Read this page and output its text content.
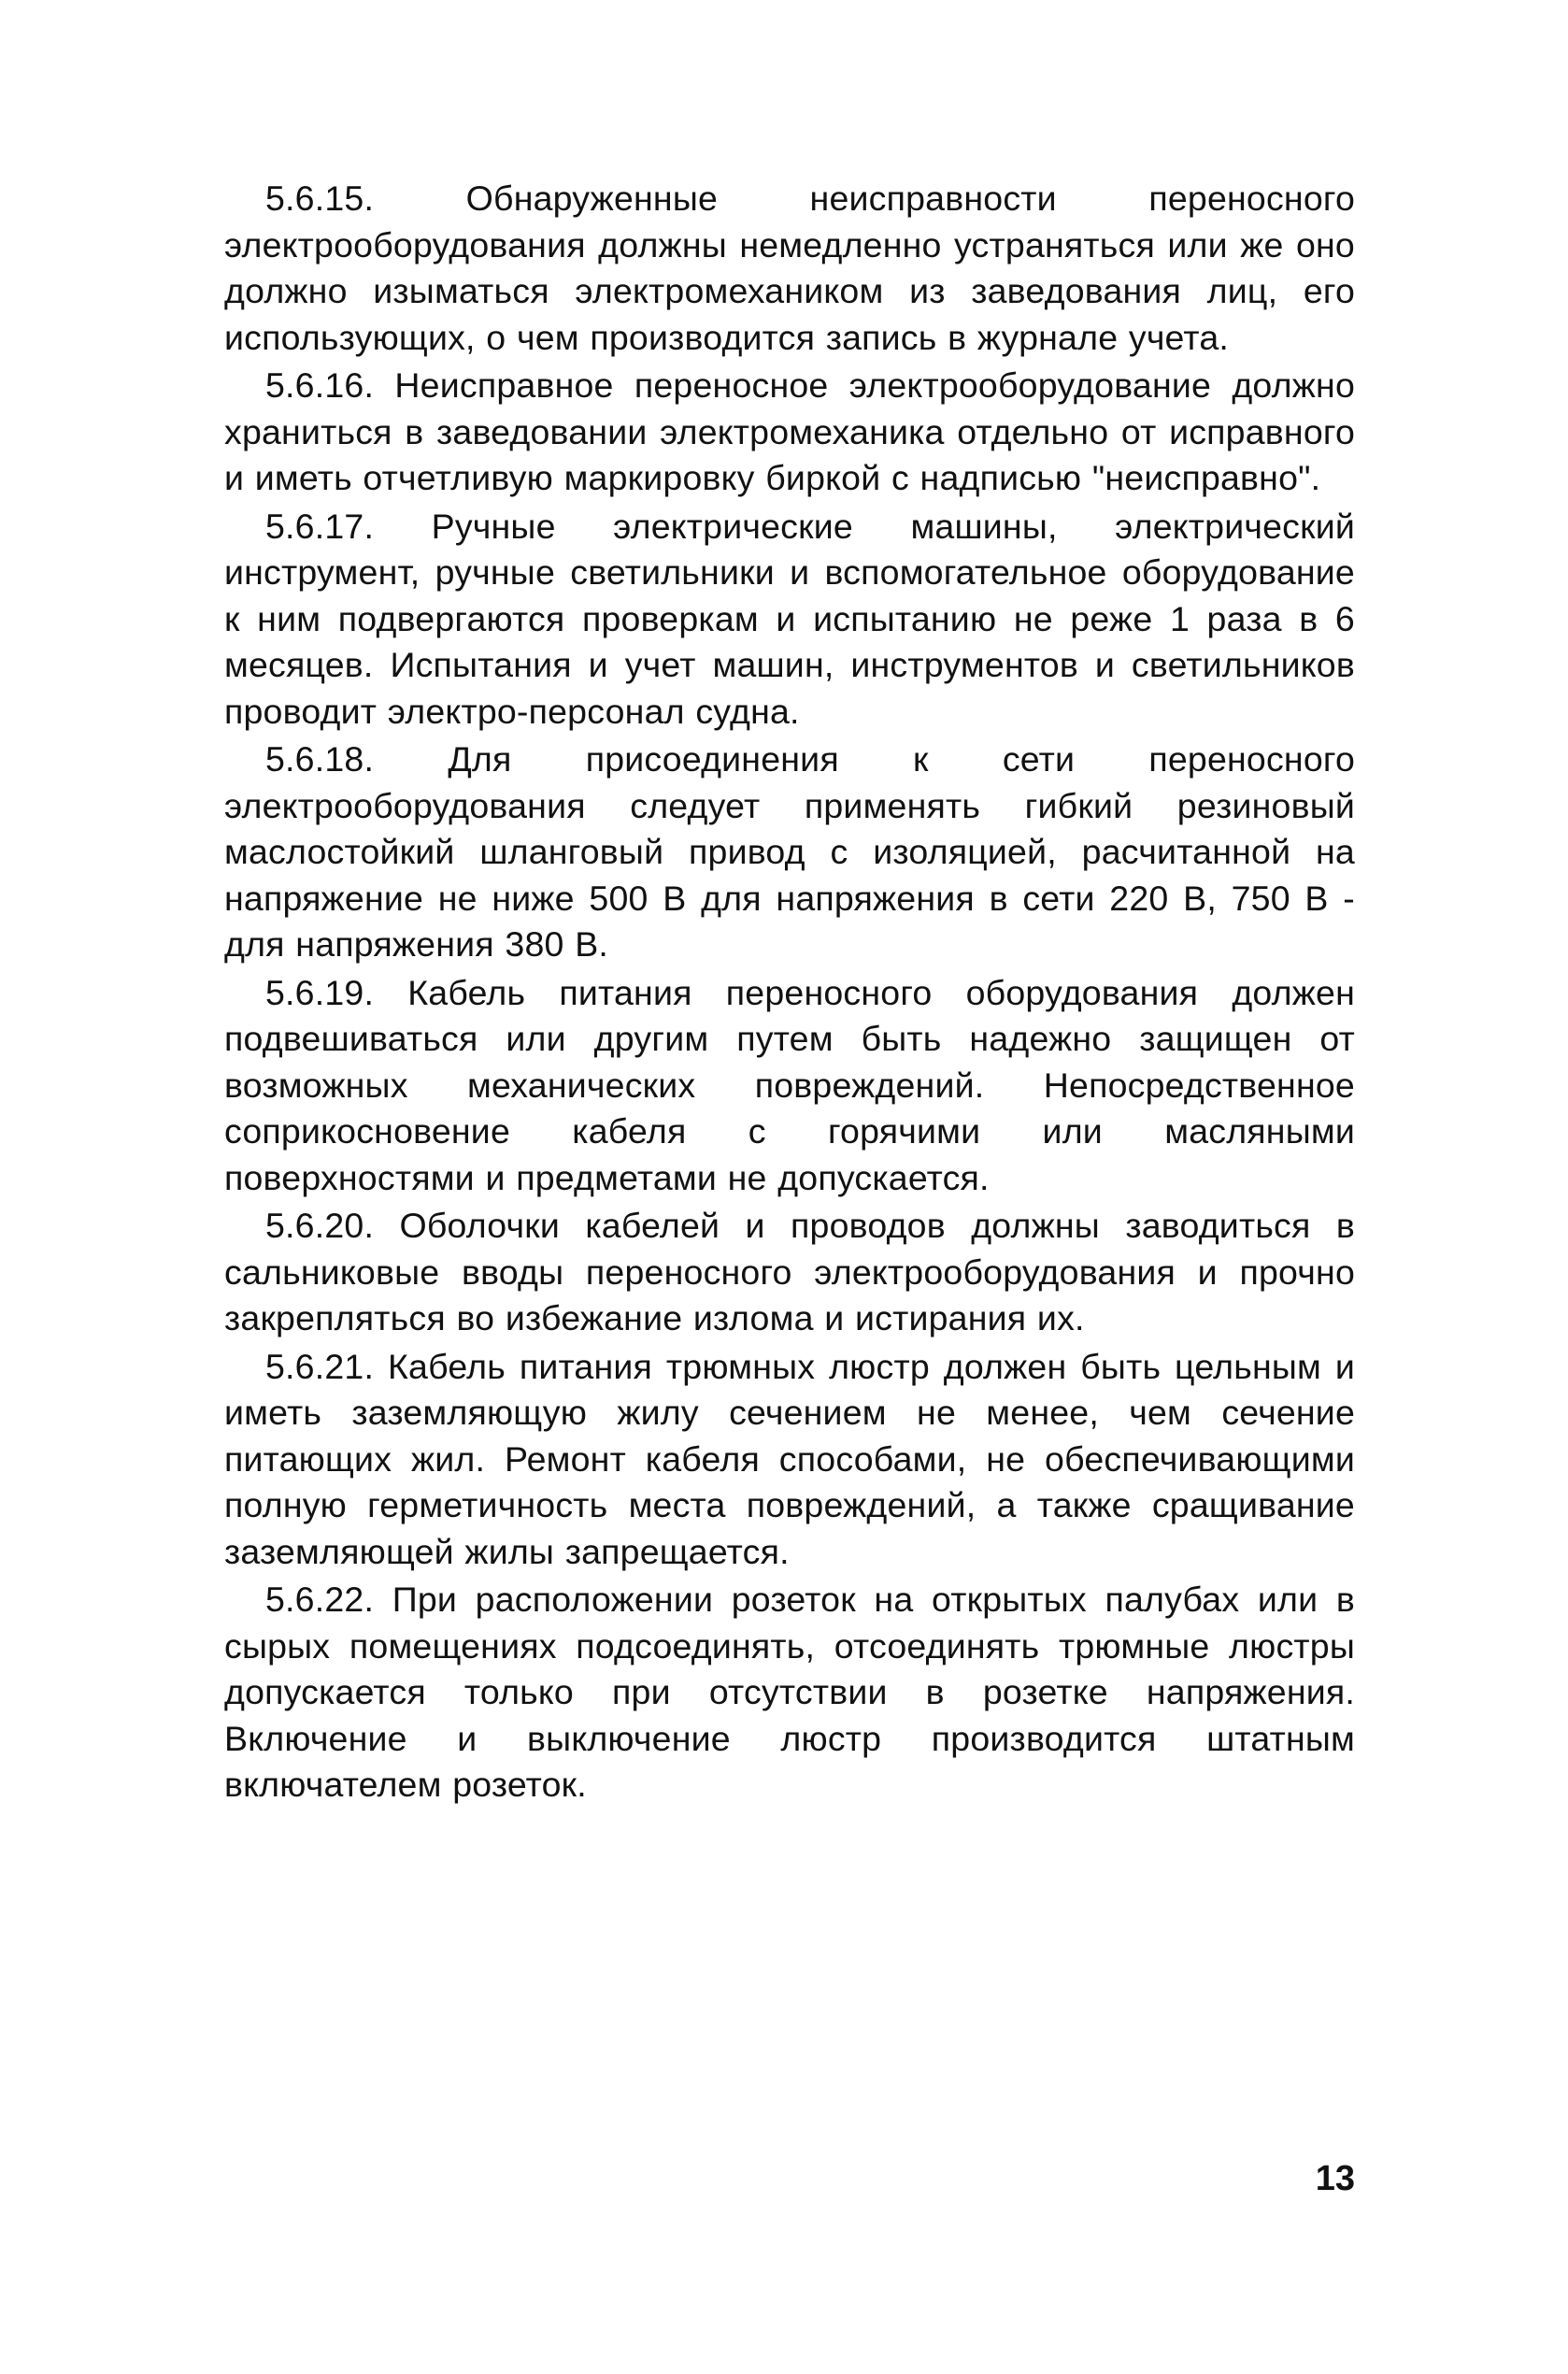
5.6.15.	Обнаруженные неисправности переносного электрооборудования должны немедленно устраняться или же оно должно изыматься электромехаником из заведования лиц, его использующих, о чем производится запись в журнале учета.

5.6.16. Неисправное переносное электрооборудование должно храниться в заведовании электромеханика отдельно от исправного и иметь отчетливую маркировку биркой с надписью "неисправно".

5.6.17. Ручные электрические машины, электрический инструмент, ручные светильники и вспомогательное оборудование к ним подвергаются проверкам и испытанию не реже 1 раза в 6 месяцев. Испытания и учет машин, инструментов и светильников проводит электро-персонал судна.

5.6.18. Для присоединения к сети переносного электрооборудования следует применять гибкий резиновый маслостойкий шланговый привод с изоляцией, расчитанной на напряжение не ниже 500 В для напряжения в сети 220 В, 750 В - для напряжения 380 В.

5.6.19. Кабель питания переносного оборудования должен подвешиваться или другим путем быть надежно защищен от возможных механических повреждений. Непосредственное соприкосновение кабеля с горячими или масляными поверхностями и предметами не допускается.

5.6.20. Оболочки кабелей и проводов должны заводиться в сальниковые вводы переносного электрооборудования и прочно закрепляться во избежание излома и истирания их.

5.6.21. Кабель питания трюмных люстр должен быть цельным и иметь заземляющую жилу сечением не менее, чем сечение питающих жил. Ремонт кабеля способами, не обеспечивающими полную герметичность места повреждений, а также сращивание заземляющей жилы запрещается.

5.6.22. При расположении розеток на открытых палубах или в сырых помещениях подсоединять, отсоединять трюмные люстры допускается только при отсутствии в розетке напряжения. Включение и выключение люстр производится штатным включателем розеток.

13
